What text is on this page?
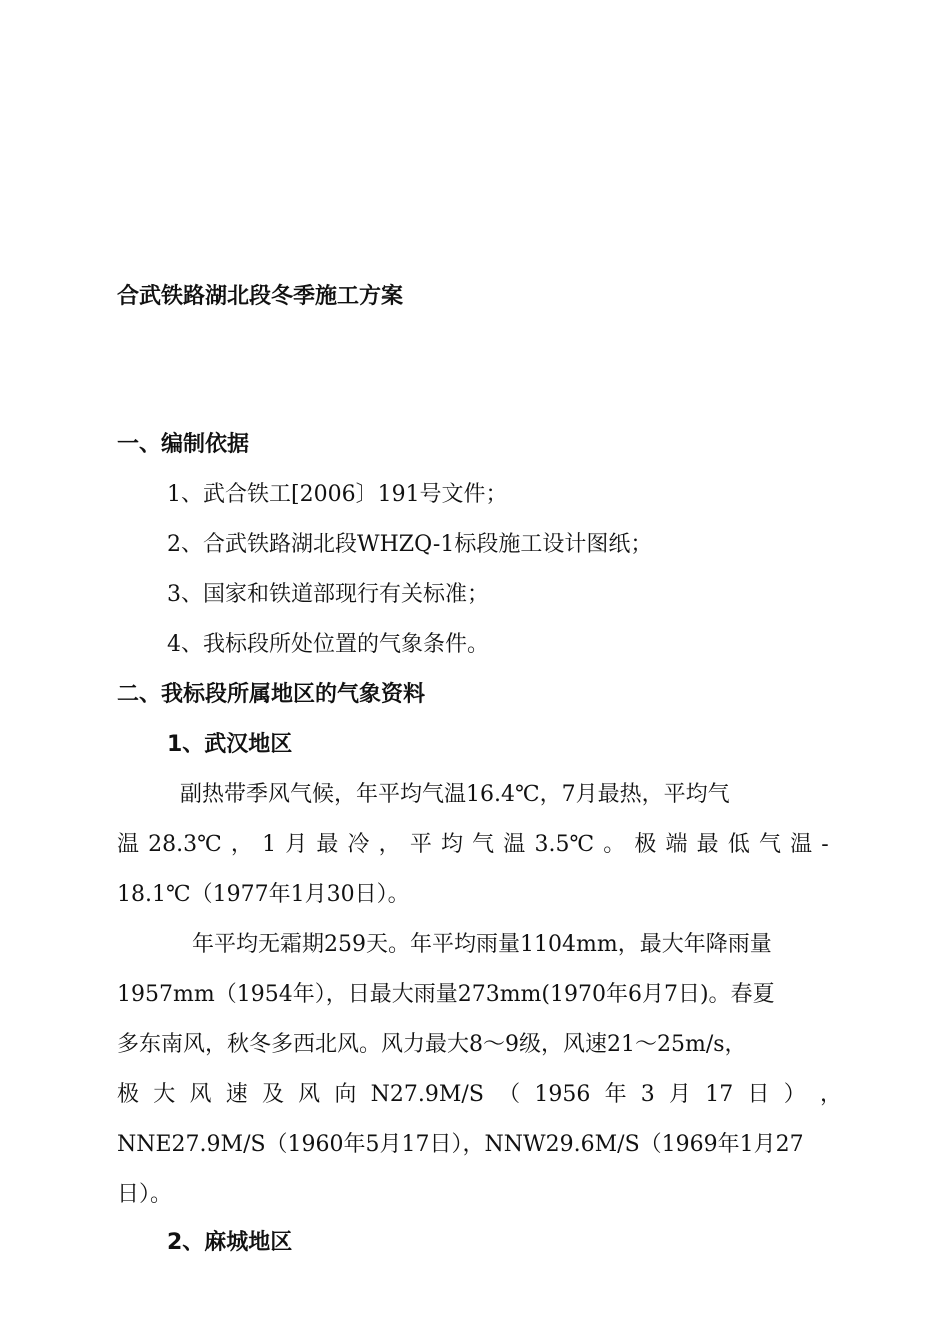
合武铁路湖北段冬季施工方案
一、编制依据
1、武合铁工[2006〕191号文件；
2、合武铁路湖北段WHZQ-1标段施工设计图纸；
3、国家和铁道部现行有关标准；
4、我标段所处位置的气象条件。
二、我标段所属地区的气象资料
1、武汉地区
副热带季风气候，年平均气温16.4℃，7月最热，平均气
温 28.3℃ ， 1 月 最 冷 ， 平 均 气 温 3.5℃ 。 极 端 最 低 气 温 -
18.1℃（1977年1月30日）。
年平均无霜期259天。年平均雨量1104mm，最大年降雨量
1957mm（1954年），日最大雨量273mm(1970年6月7日)。春夏
多东南风，秋冬多西北风。风力最大8～9级，风速21～25m/s，
极 大 风 速 及 风 向 N27.9M/S （ 1956 年 3 月 17 日 ） ，
NNE27.9M/S（1960年5月17日），NNW29.6M/S（1969年1月27
日）。
2、麻城地区
